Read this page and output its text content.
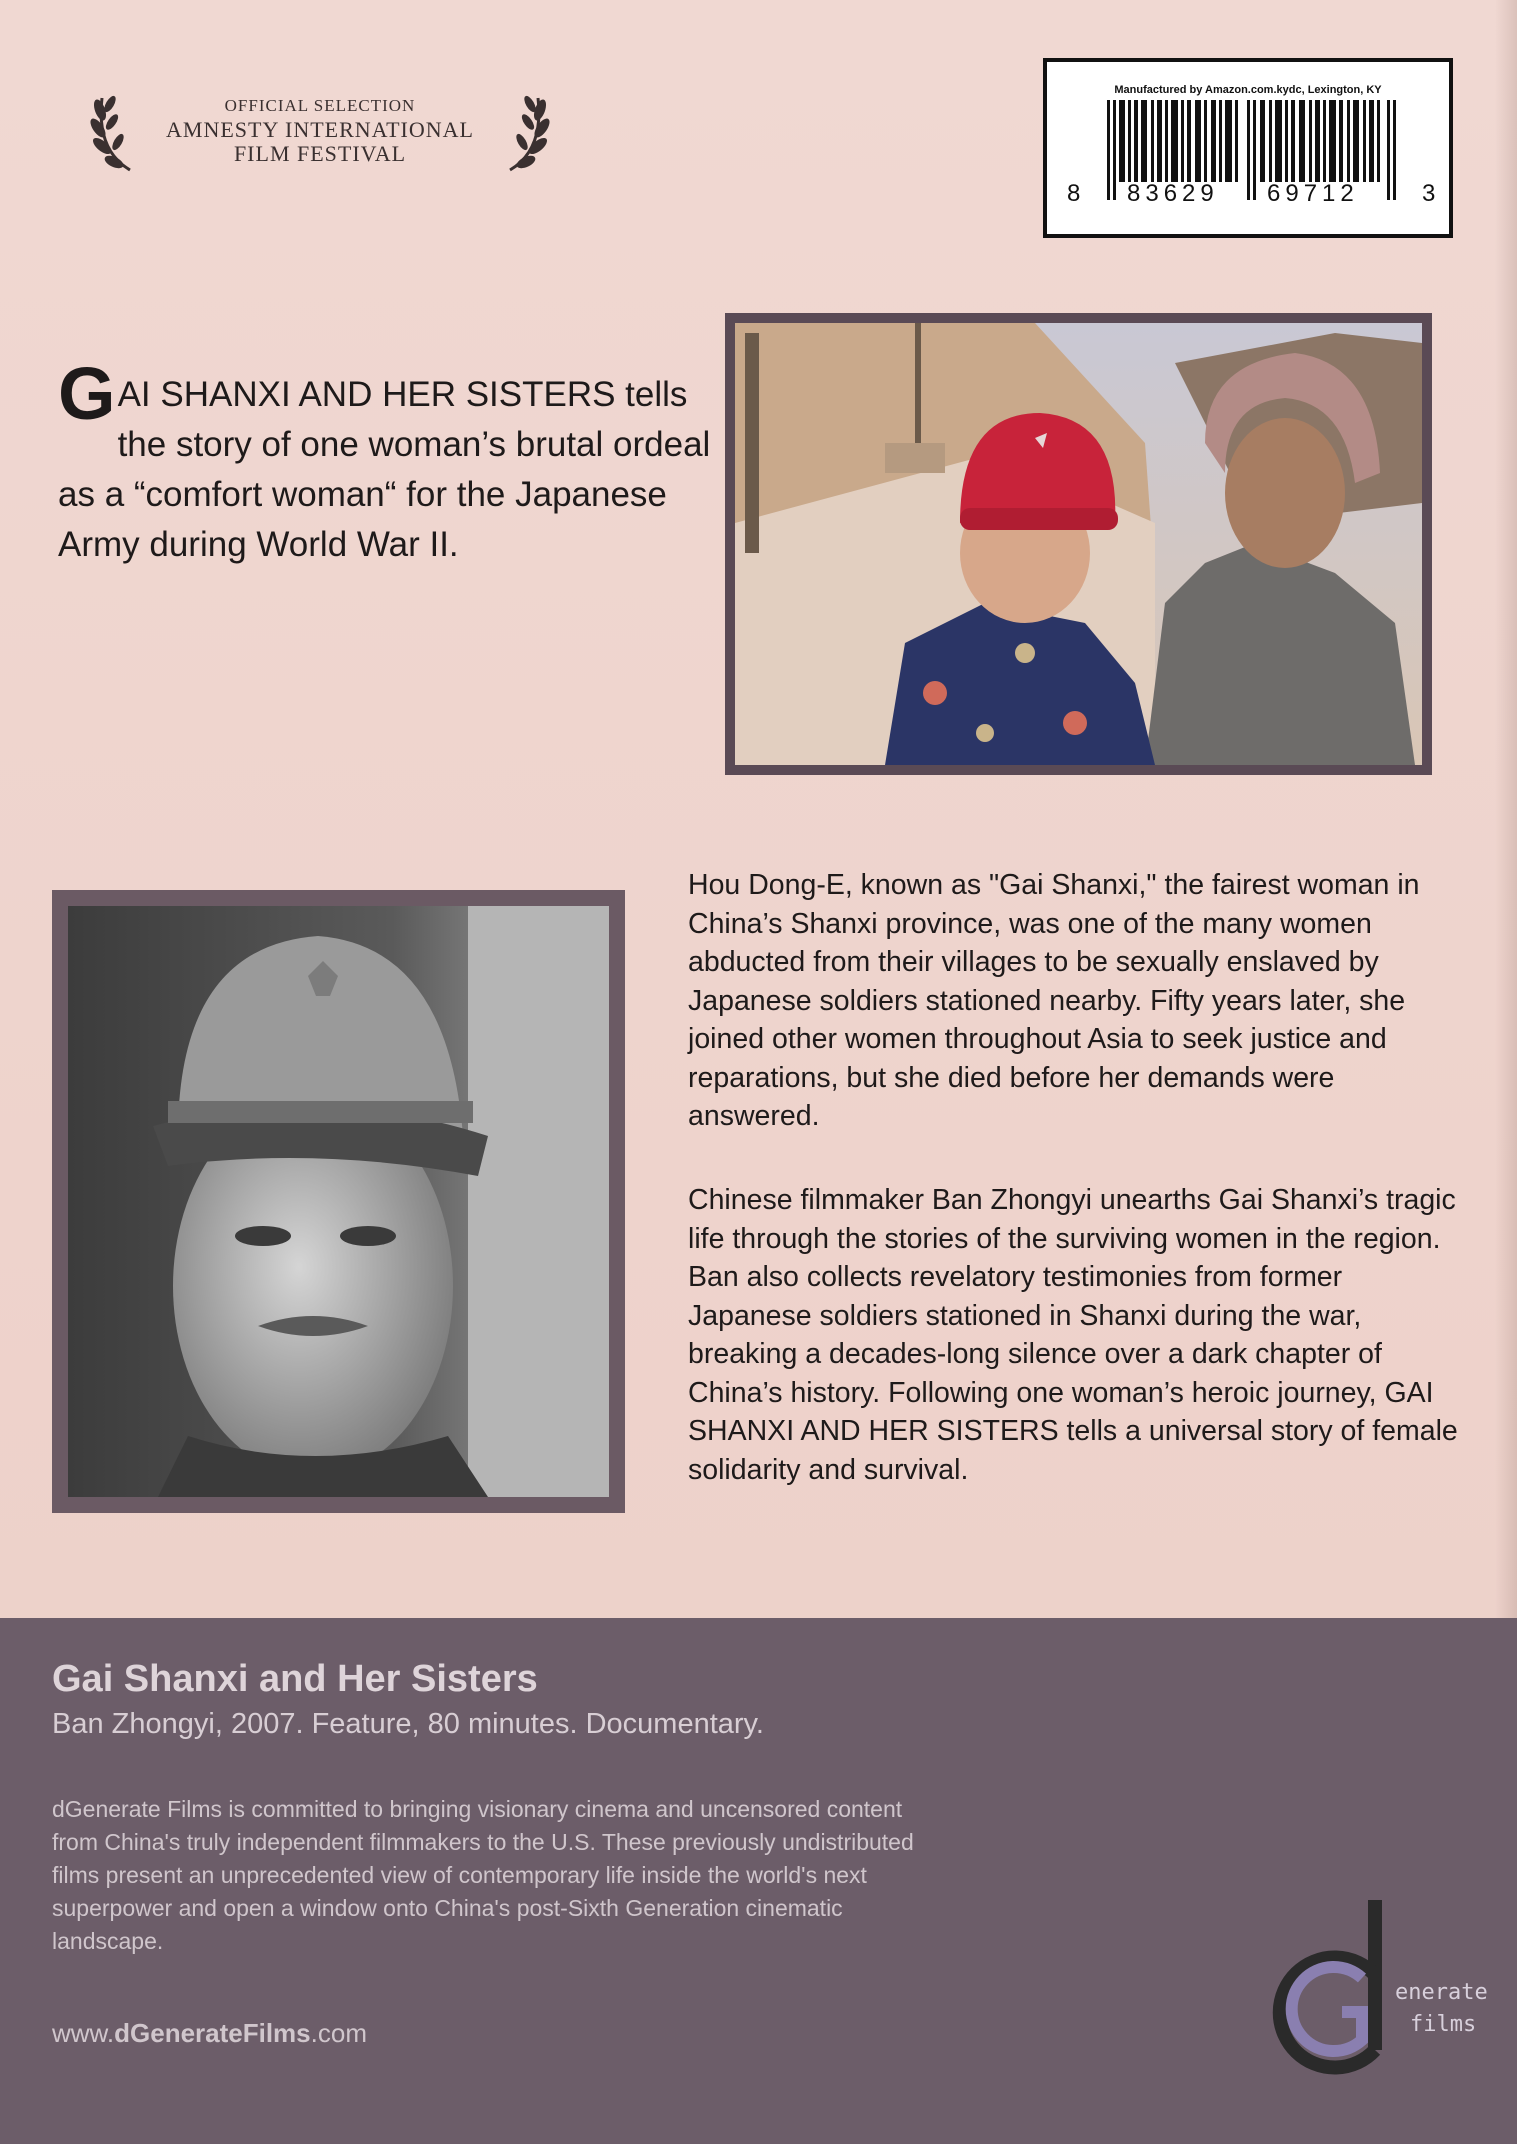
OFFICIAL SELECTION
AMNESTY INTERNATIONAL
FILM FESTIVAL
Manufactured by Amazon.com.kydc, Lexington, KY
8 83629 69712	3
GAI SHANXI AND HER SISTERS tells the story of one woman’s brutal ordeal as a “comfort woman“ for the Japanese Army during World War II.
Hou Dong-E, known as "Gai Shanxi," the fairest woman in China’s Shanxi province, was one of the many women abducted from their villages to be sexually enslaved by Japanese soldiers stationed nearby. Fifty years later, she joined other women throughout Asia to seek justice and reparations, but she died before her demands were answered.
Chinese filmmaker Ban Zhongyi unearths Gai Shanxi’s tragic life through the stories of the surviving women in the region. Ban also collects revelatory testimonies from former Japanese soldiers stationed in Shanxi during the war, breaking a decades-long silence over a dark chapter of China’s history. Following one woman’s heroic journey, GAI SHANXI AND HER SISTERS tells a universal story of female solidarity and survival.
Gai Shanxi and Her Sisters
Ban Zhongyi, 2007. Feature, 80 minutes. Documentary.
dGenerate Films is committed to bringing visionary cinema and uncensored content from China's truly independent filmmakers to the U.S. These previously undistributed films present an unprecedented view of contemporary life inside the world's next superpower and open a window onto China's post-Sixth Generation cinematic landscape.
www.dGenerateFilms.com
enerate
films
